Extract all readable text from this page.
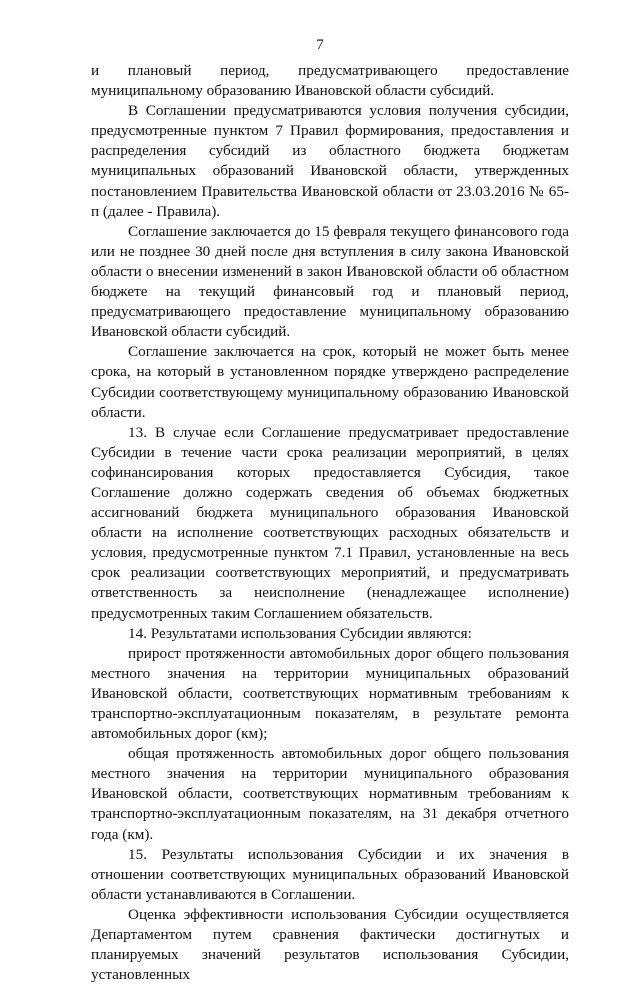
7

и плановый период, предусматривающего предоставление муниципальному образованию Ивановской области субсидий.

В Соглашении предусматриваются условия получения субсидии, предусмотренные пунктом 7 Правил формирования, предоставления и распределения субсидий из областного бюджета бюджетам муниципальных образований Ивановской области, утвержденных постановлением Правительства Ивановской области от 23.03.2016 № 65-п (далее - Правила).

Соглашение заключается до 15 февраля текущего финансового года или не позднее 30 дней после дня вступления в силу закона Ивановской области о внесении изменений в закон Ивановской области об областном бюджете на текущий финансовый год и плановый период, предусматривающего предоставление муниципальному образованию Ивановской области субсидий.

Соглашение заключается на срок, который не может быть менее срока, на который в установленном порядке утверждено распределение Субсидии соответствующему муниципальному образованию Ивановской области.

13. В случае если Соглашение предусматривает предоставление Субсидии в течение части срока реализации мероприятий, в целях софинансирования которых предоставляется Субсидия, такое Соглашение должно содержать сведения об объемах бюджетных ассигнований бюджета муниципального образования Ивановской области на исполнение соответствующих расходных обязательств и условия, предусмотренные пунктом 7.1 Правил, установленные на весь срок реализации соответствующих мероприятий, и предусматривать ответственность за неисполнение (ненадлежащее исполнение) предусмотренных таким Соглашением обязательств.

14. Результатами использования Субсидии являются:

прирост протяженности автомобильных дорог общего пользования местного значения на территории муниципальных образований Ивановской области, соответствующих нормативным требованиям к транспортно-эксплуатационным показателям, в результате ремонта автомобильных дорог (км);

общая протяженность автомобильных дорог общего пользования местного значения на территории муниципального образования Ивановской области, соответствующих нормативным требованиям к транспортно-эксплуатационным показателям, на 31 декабря отчетного года (км).

15. Результаты использования Субсидии и их значения в отношении соответствующих муниципальных образований Ивановской области устанавливаются в Соглашении.

Оценка эффективности использования Субсидии осуществляется Департаментом путем сравнения фактически достигнутых и планируемых значений результатов использования Субсидии, установленных
